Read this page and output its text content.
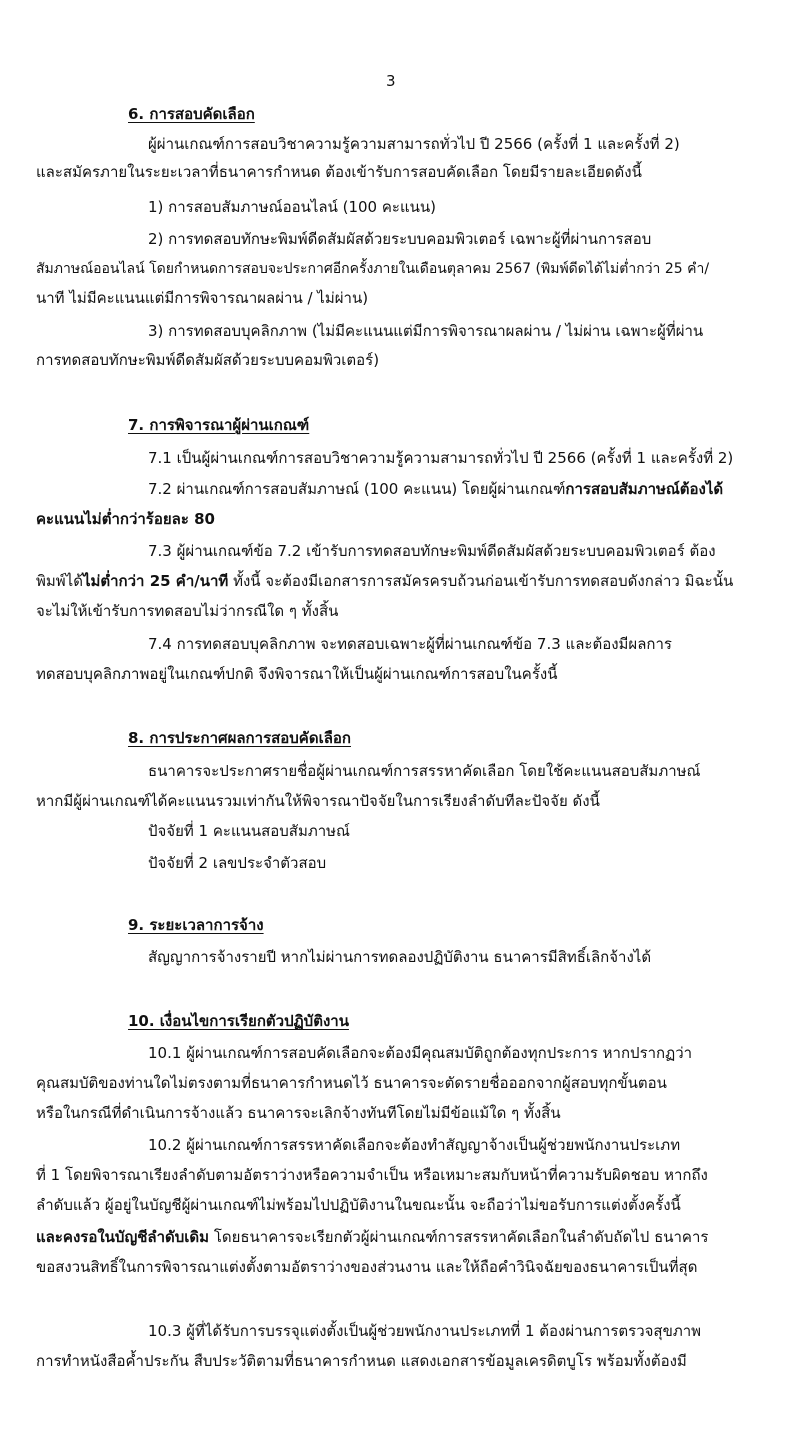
3
6. การสอบคัดเลือก
ผู้ผ่านเกณฑ์การสอบวิชาความรู้ความสามารถทั่วไป ปี 2566 (ครั้งที่ 1 และครั้งที่ 2)
และสมัครภายในระยะเวลาที่ธนาคารกำหนด ต้องเข้ารับการสอบคัดเลือก โดยมีรายละเอียดดังนี้
1) การสอบสัมภาษณ์ออนไลน์ (100 คะแนน)
2) การทดสอบทักษะพิมพ์ดีดสัมผัสด้วยระบบคอมพิวเตอร์ เฉพาะผู้ที่ผ่านการสอบ
สัมภาษณ์ออนไลน์ โดยกำหนดการสอบจะประกาศอีกครั้งภายในเดือนตุลาคม 2567 (พิมพ์ดีดได้ไม่ต่ำกว่า 25 คำ/
นาที ไม่มีคะแนนแต่มีการพิจารณาผลผ่าน / ไม่ผ่าน)
3) การทดสอบบุคลิกภาพ (ไม่มีคะแนนแต่มีการพิจารณาผลผ่าน / ไม่ผ่าน เฉพาะผู้ที่ผ่าน
การทดสอบทักษะพิมพ์ดีดสัมผัสด้วยระบบคอมพิวเตอร์)
7. การพิจารณาผู้ผ่านเกณฑ์
7.1 เป็นผู้ผ่านเกณฑ์การสอบวิชาความรู้ความสามารถทั่วไป ปี 2566 (ครั้งที่ 1 และครั้งที่ 2)
7.2 ผ่านเกณฑ์การสอบสัมภาษณ์ (100 คะแนน) โดยผู้ผ่านเกณฑ์การสอบสัมภาษณ์ต้องได้
คะแนนไม่ต่ำกว่าร้อยละ 80
7.3 ผู้ผ่านเกณฑ์ข้อ 7.2 เข้ารับการทดสอบทักษะพิมพ์ดีดสัมผัสด้วยระบบคอมพิวเตอร์ ต้อง
พิมพ์ได้ไม่ต่ำกว่า 25 คำ/นาที ทั้งนี้ จะต้องมีเอกสารการสมัครครบถ้วนก่อนเข้ารับการทดสอบดังกล่าว มิฉะนั้น
จะไม่ให้เข้ารับการทดสอบไม่ว่ากรณีใด ๆ ทั้งสิ้น
7.4 การทดสอบบุคลิกภาพ จะทดสอบเฉพาะผู้ที่ผ่านเกณฑ์ข้อ 7.3 และต้องมีผลการ
ทดสอบบุคลิกภาพอยู่ในเกณฑ์ปกติ จึงพิจารณาให้เป็นผู้ผ่านเกณฑ์การสอบในครั้งนี้
8. การประกาศผลการสอบคัดเลือก
ธนาคารจะประกาศรายชื่อผู้ผ่านเกณฑ์การสรรหาคัดเลือก โดยใช้คะแนนสอบสัมภาษณ์
หากมีผู้ผ่านเกณฑ์ได้คะแนนรวมเท่ากันให้พิจารณาปัจจัยในการเรียงลำดับทีละปัจจัย ดังนี้
ปัจจัยที่ 1 คะแนนสอบสัมภาษณ์
ปัจจัยที่ 2 เลขประจำตัวสอบ
9. ระยะเวลาการจ้าง
สัญญาการจ้างรายปี หากไม่ผ่านการทดลองปฏิบัติงาน ธนาคารมีสิทธิ์เลิกจ้างได้
10. เงื่อนไขการเรียกตัวปฏิบัติงาน
10.1 ผู้ผ่านเกณฑ์การสอบคัดเลือกจะต้องมีคุณสมบัติถูกต้องทุกประการ หากปรากฏว่า
คุณสมบัติของท่านใดไม่ตรงตามที่ธนาคารกำหนดไว้ ธนาคารจะตัดรายชื่อออกจากผู้สอบทุกขั้นตอน
หรือในกรณีที่ดำเนินการจ้างแล้ว ธนาคารจะเลิกจ้างทันทีโดยไม่มีข้อแม้ใด ๆ ทั้งสิ้น
10.2 ผู้ผ่านเกณฑ์การสรรหาคัดเลือกจะต้องทำสัญญาจ้างเป็นผู้ช่วยพนักงานประเภท
ที่ 1 โดยพิจารณาเรียงลำดับตามอัตราว่างหรือความจำเป็น หรือเหมาะสมกับหน้าที่ความรับผิดชอบ หากถึง
ลำดับแล้ว ผู้อยู่ในบัญชีผู้ผ่านเกณฑ์ไม่พร้อมไปปฏิบัติงานในขณะนั้น จะถือว่าไม่ขอรับการแต่งตั้งครั้งนี้
และคงรอในบัญชีลำดับเดิม โดยธนาคารจะเรียกตัวผู้ผ่านเกณฑ์การสรรหาคัดเลือกในลำดับถัดไป ธนาคาร
ขอสงวนสิทธิ์ในการพิจารณาแต่งตั้งตามอัตราว่างของส่วนงาน และให้ถือคำวินิจฉัยของธนาคารเป็นที่สุด
10.3 ผู้ที่ได้รับการบรรจุแต่งตั้งเป็นผู้ช่วยพนักงานประเภทที่ 1 ต้องผ่านการตรวจสุขภาพ
การทำหนังสือค้ำประกัน สืบประวัติตามที่ธนาคารกำหนด แสดงเอกสารข้อมูลเครดิตบูโร พร้อมทั้งต้องมี
